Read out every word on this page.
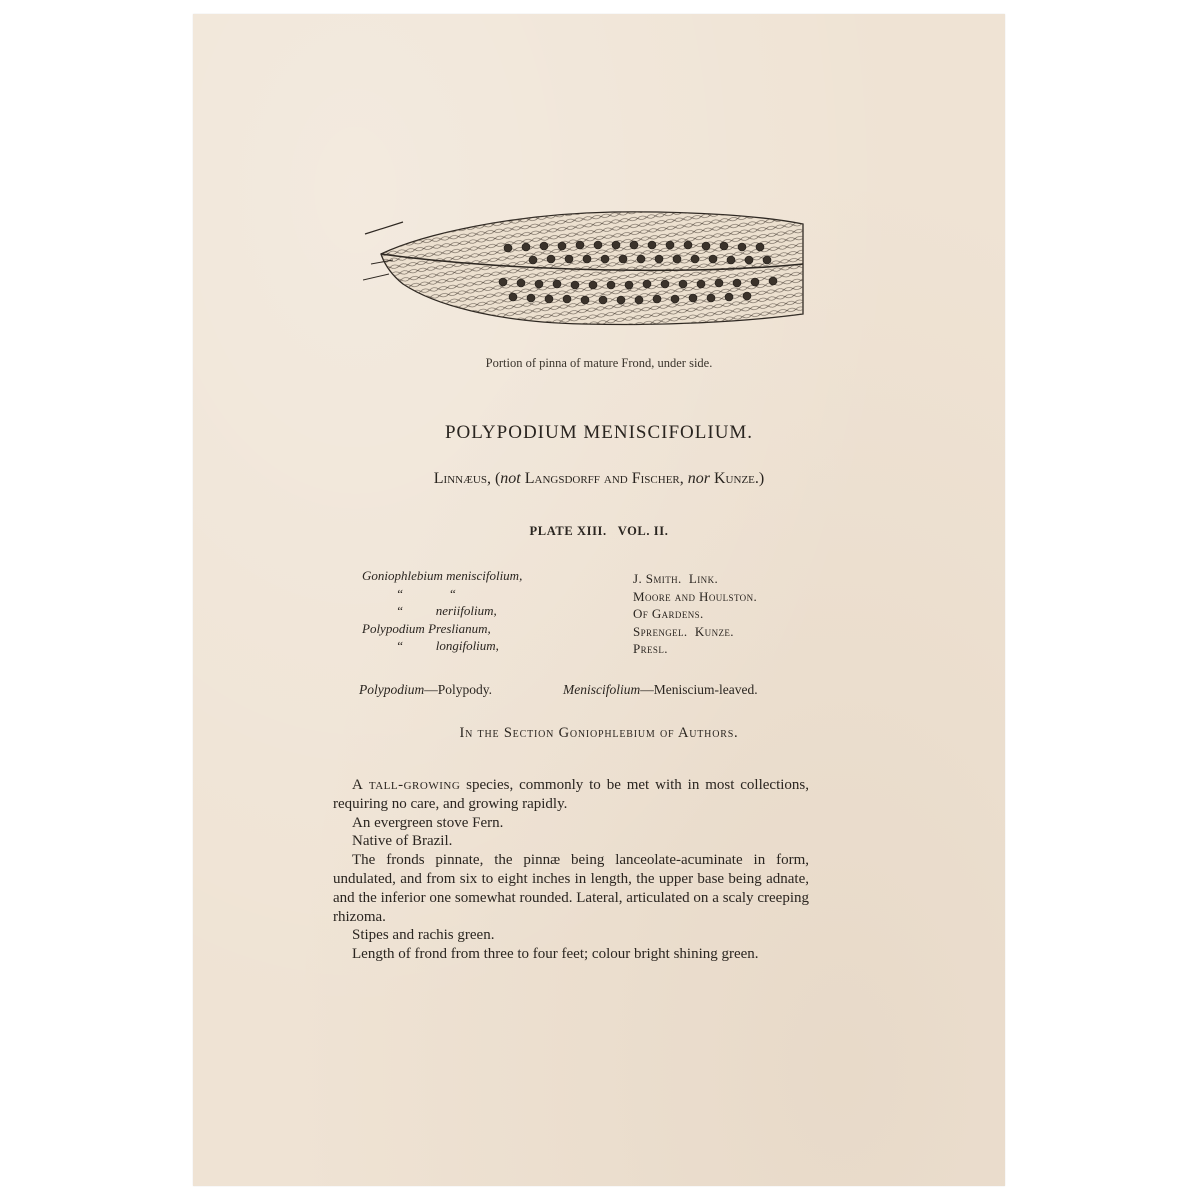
Portion of pinna of mature Frond, under side.
POLYPODIUM MENISCIFOLIUM.
Linnæus, (not Langsdorff and Fischer, nor Kunze.)
PLATE XIII.   VOL. II.
Goniophlebium meniscifolium,
“              “
“          neriifolium,
Polypodium Preslianum,
“          longifolium,
J. Smith.  Link.
Moore and Houlston.
Of Gardens.
Sprengel.  Kunze.
Presl.
Polypodium—Polypody.	Meniscifolium—Meniscium-leaved.
In the Section Goniophlebium of Authors.

A tall-growing species, commonly to be met with in most collections, requiring no care, and growing rapidly.

An evergreen stove Fern.

Native of Brazil.

The fronds pinnate, the pinnæ being lanceolate-acuminate in form, undulated, and from six to eight inches in length, the upper base being adnate, and the inferior one somewhat rounded. Lateral, articulated on a scaly creeping rhizoma.

Stipes and rachis green.

Length of frond from three to four feet; colour bright shining green.
